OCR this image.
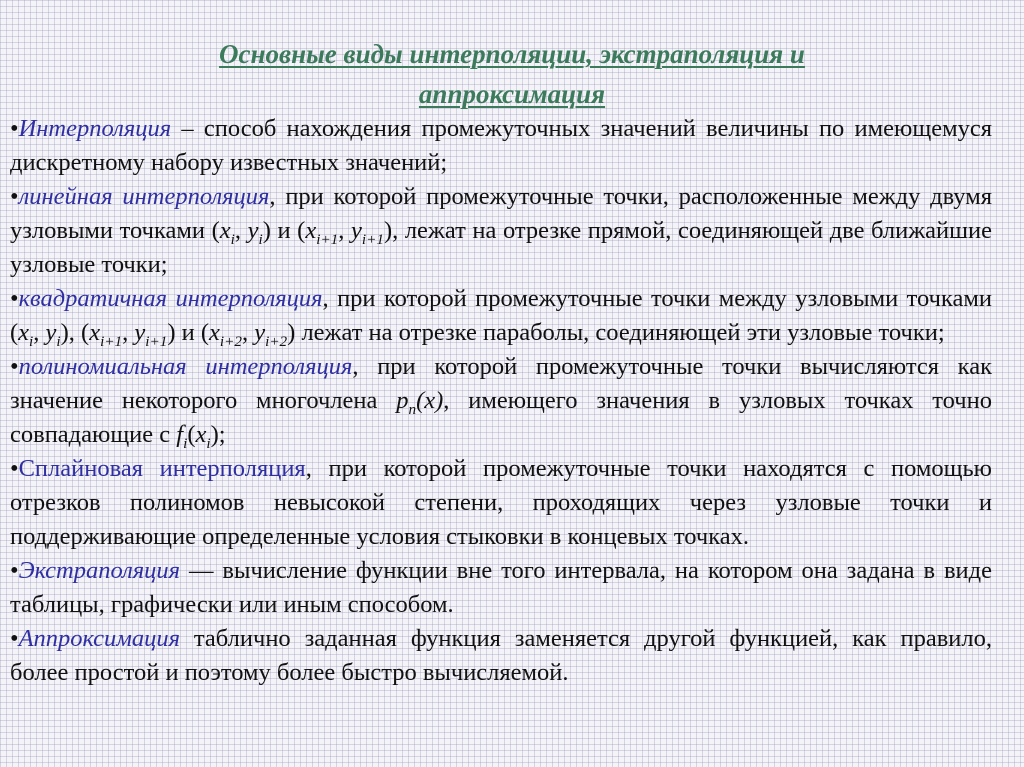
Основные виды интерполяции, экстраполяция и
аппроксимация

•Интерполяция – способ нахождения промежуточных значений величины по имеющемуся дискретному набору известных значений;

•линейная интерполяция, при которой промежуточные точки, расположенные между двумя узловыми точками ($x_i$, $y_i$) и ($x_{i+1}$, $y_{i+1}$), лежат на отрезке прямой, соединяющей две ближайшие узловые точки;

•квадратичная интерполяция, при которой промежуточные точки между узловыми точками ($x_i$, $y_i$), ($x_{i+1}$, $y_{i+1}$) и ($x_{i+2}$, $y_{i+2}$) лежат на отрезке параболы, соединяющей эти узловые точки;

•полиномиальная интерполяция, при которой промежуточные точки вычисляются как значение некоторого многочлена $p_n(x)$, имеющего значения в узловых точках точно совпадающие с $f_i(x_i)$;

•Сплайновая интерполяция, при которой промежуточные точки находятся с помощью отрезков полиномов невысокой степени, проходящих через узловые точки и поддерживающие определенные условия стыковки в концевых точках.

•Экстраполяция — вычисление функции вне того интервала, на котором она задана в виде таблицы, графически или иным способом.

•Аппроксимация таблично заданная функция заменяется другой функцией, как правило, более простой и поэтому более быстро вычисляемой.
